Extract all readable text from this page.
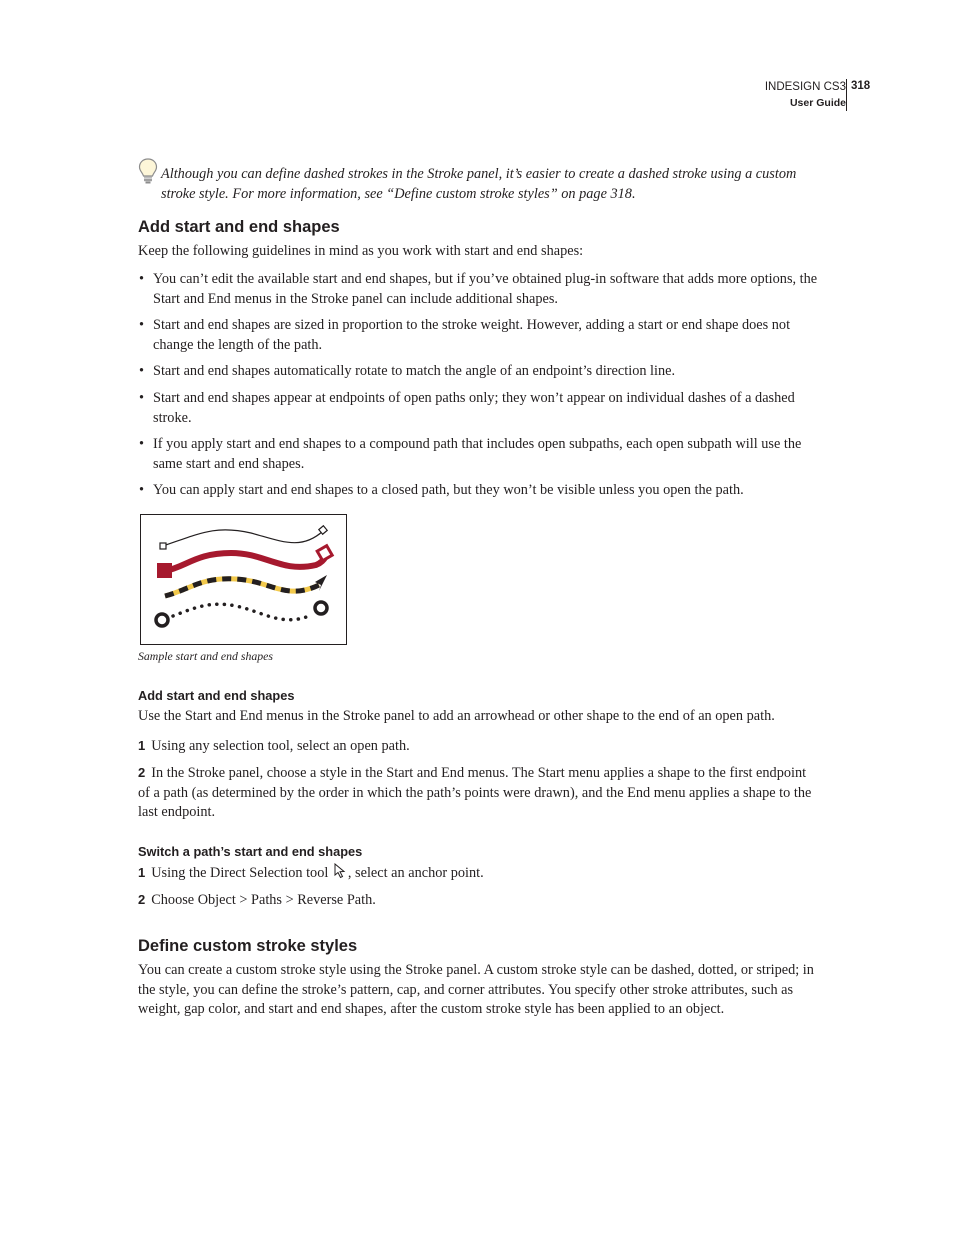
INDESIGN CS3
User Guide
318

Although you can define dashed strokes in the Stroke panel, it’s easier to create a dashed stroke using a custom stroke style. For more information, see “Define custom stroke styles” on page 318.

Add start and end shapes

Keep the following guidelines in mind as you work with start and end shapes:

• You can’t edit the available start and end shapes, but if you’ve obtained plug-in software that adds more options, the Start and End menus in the Stroke panel can include additional shapes.
• Start and end shapes are sized in proportion to the stroke weight. However, adding a start or end shape does not change the length of the path.
• Start and end shapes automatically rotate to match the angle of an endpoint’s direction line.
• Start and end shapes appear at endpoints of open paths only; they won’t appear on individual dashes of a dashed stroke.
• If you apply start and end shapes to a compound path that includes open subpaths, each open subpath will use the same start and end shapes.
• You can apply start and end shapes to a closed path, but they won’t be visible unless you open the path.
Sample start and end shapes
Add start and end shapes

Use the Start and End menus in the Stroke panel to add an arrowhead or other shape to the end of an open path.

1 Using any selection tool, select an open path.

2 In the Stroke panel, choose a style in the Start and End menus. The Start menu applies a shape to the first endpoint of a path (as determined by the order in which the path’s points were drawn), and the End menu applies a shape to the last endpoint.

Switch a path’s start and end shapes

1 Using the Direct Selection tool , select an anchor point.

2 Choose Object > Paths > Reverse Path.

Define custom stroke styles

You can create a custom stroke style using the Stroke panel. A custom stroke style can be dashed, dotted, or striped; in the style, you can define the stroke’s pattern, cap, and corner attributes. You specify other stroke attributes, such as weight, gap color, and start and end shapes, after the custom stroke style has been applied to an object.
